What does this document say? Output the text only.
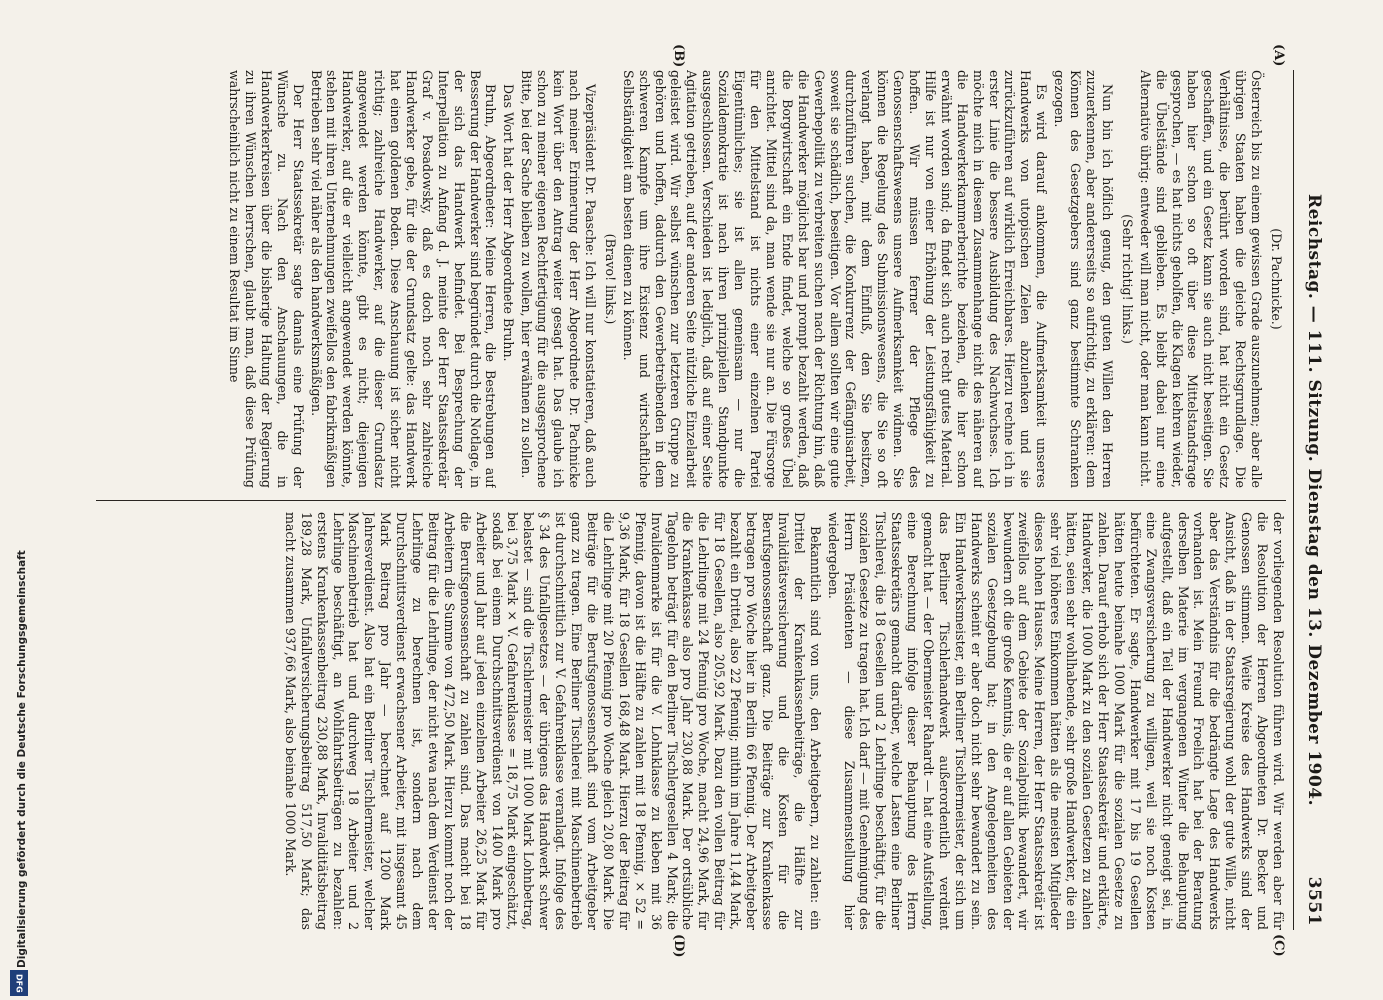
Digitalisierung gefördert durch die Deutsche Forschungsgemeinschaft
DFG
Reichstag. — 111. Sitzung. Dienstag den 13. Dezember 1904.
3551
(A)
(B)
(C)
(D)

(Dr. Pachnicke.)

Österreich bis zu einem gewissen Grade auszunehmen; aber alle übrigen Staaten haben die gleiche Rechtsgrundlage. Die Verhältnisse, die berührt worden sind, hat nicht ein Gesetz geschaffen, und ein Gesetz kann sie auch nicht beseitigen. Sie haben hier schon so oft über diese Mittelstandsfrage gesprochen, — es hat nichts geholfen, die Klagen kehren wieder, die Übelstände sind geblieben. Es bleibt dabei nur eine Alternative übrig: entweder will man nicht, oder man kann nicht.

(Sehr richtig! links.)

Nun bin ich höflich genug, den guten Willen den Herren zuzuerkennen, aber andererseits so aufrichtig, zu erklären: dem Können des Gesetzgebers sind ganz bestimmte Schranken gezogen.

Es wird darauf ankommen, die Aufmerksamkeit unseres Handwerks von utopischen Zielen abzulenken und sie zurückzuführen auf wirklich Erreichbares. Hierzu rechne ich in erster Linie die bessere Ausbildung des Nachwuchses. Ich möchte mich in diesem Zusammenhange nicht des näheren auf die Handwerkerkammerberichte beziehen, die hier schon erwähnt worden sind; da findet sich auch recht gutes Material. Hilfe ist nur von einer Erhöhung der Leistungsfähigkeit zu hoffen. Wir müssen ferner der Pflege des Genossenschaftswesens unsere Aufmerksamkeit widmen. Sie können die Regelung des Submissionswesens, die Sie so oft verlangt haben, mit dem Einfluß, den Sie besitzen, durchzuführen suchen, die Konkurrenz der Gefängnisarbeit, soweit sie schädlich, beseitigen. Vor allem sollten wir eine gute Gewerbepolitik zu verbreiten suchen nach der Richtung hin, daß die Handwerker möglichst bar und prompt bezahlt werden, daß die Borgwirtschaft ein Ende findet, welche so großes Übel anrichtet. Mittel sind da, man wende sie nur an. Die Fürsorge für den Mittelstand ist nichts einer einzelnen Partei Eigentümliches; sie ist allen gemeinsam — nur die Sozialdemokratie ist nach ihren prinzipiellen Standpunkte ausgeschlossen. Verschieden ist lediglich, daß auf einer Seite Agitation getrieben, auf der anderen Seite nützliche Einzelarbeit geleistet wird. Wir selbst wünschen zur letzteren Gruppe zu gehören und hoffen, dadurch den Gewerbetreibenden in dem schweren Kampfe um ihre Existenz und wirtschaftliche Selbständigkeit am besten dienen zu können.

(Bravo! links.)

Vizepräsident Dr. Paasche: Ich will nur konstatieren, daß auch nach meiner Erinnerung der Herr Abgeordnete Dr. Pachnicke kein Wort über den Antrag weiter gesagt hat. Das glaube ich schon zu meiner eigenen Rechtfertigung für die ausgesprochene Bitte, bei der Sache bleiben zu wollen, hier erwähnen zu sollen.

Das Wort hat der Herr Abgeordnete Bruhn.

Bruhn, Abgeordneter: Meine Herren, die Bestrebungen auf Besserung der Handwerker sind begründet durch die Notlage, in der sich das Handwerk befindet. Bei Besprechung der Interpellation zu Anfang d. J. meinte der Herr Staatssekretär Graf v. Posadowsky, daß es doch noch sehr zahlreiche Handwerker gebe, für die der Grundsatz gelte: das Handwerk hat einen goldenen Boden. Diese Anschauung ist sicher nicht richtig; zahlreiche Handwerker, auf die dieser Grundsatz angewendet werden könnte, gibt es nicht; diejenigen Handwerker, auf die er vielleicht angewendet werden könnte, stehen mit ihren Unternehmungen zweifellos den fabrikmäßigen Betrieben sehr viel näher als den handwerksmäßigen.

Der Herr Staatssekretär sagte damals eine Prüfung der Wünsche zu. Nach den Anschauungen, die in Handwerkerkreisen über die bisherige Haltung der Regierung zu ihren Wünschen herrschen, glaubt man, daß diese Prüfung wahrscheinlich nicht zu einem Resultat im Sinne

der vorliegenden Resolution führen wird. Wir werden aber für die Resolution der Herren Abgeordneten Dr. Becker und Genossen stimmen. Weite Kreise des Handwerks sind der Ansicht, daß in der Staatsregierung wohl der gute Wille, nicht aber das Verständnis für die bedrängte Lage des Handwerks vorhanden ist. Mein Freund Froelich hat bei der Beratung derselben Materie im vergangenen Winter die Behauptung aufgestellt, daß ein Teil der Handwerker nicht geneigt sei, in eine Zwangsversicherung zu willigen, weil sie noch Kosten befürchteten. Er sagte, Handwerker mit 17 bis 19 Gesellen hätten heute beinahe 1000 Mark für die sozialen Gesetze zu zahlen. Darauf erhob sich der Herr Staatssekretär und erklärte, Handwerker, die 1000 Mark zu den sozialen Gesetzen zu zahlen hätten, seien sehr wohlhabende, sehr große Handwerker, die ein sehr viel höheres Einkommen hätten als die meisten Mitglieder dieses hohen Hauses. Meine Herren, der Herr Staatssekretär ist zweifellos auf dem Gebiete der Sozialpolitik bewandert, wir bewundern oft die große Kenntnis, die er auf allen Gebieten der sozialen Gesetzgebung hat; in den Angelegenheiten des Handwerks scheint er aber doch nicht sehr bewandert zu sein. Ein Handwerksmeister, ein Berliner Tischlermeister, der sich um das Berliner Tischlerhandwerk außerordentlich verdient gemacht hat — der Obermeister Rahardt — hat eine Aufstellung, eine Berechnung infolge dieser Behauptung des Herrn Staatssekretärs gemacht darüber, welche Lasten eine Berliner Tischlerei, die 18 Gesellen und 2 Lehrlinge beschäftigt, für die sozialen Gesetze zu tragen hat. Ich darf — mit Genehmigung des Herrn Präsidenten — diese Zusammenstellung hier wiedergeben.

Bekanntlich sind von uns, den Arbeitgebern, zu zahlen: ein Drittel der Krankenkassenbeiträge, die Hälfte zur Invaliditätsversicherung und die Kosten für die Berufsgenossenschaft ganz. Die Beiträge zur Krankenkasse betragen pro Woche hier in Berlin 66 Pfennig. Der Arbeitgeber bezahlt ein Drittel, also 22 Pfennig; mithin im Jahre 11,44 Mark, für 18 Gesellen, also 205,92 Mark. Dazu den vollen Beitrag für die Lehrlinge mit 24 Pfennig pro Woche, macht 24,96 Mark, für die Krankenkasse also pro Jahr 230,88 Mark. Der ortsübliche Tagelohn beträgt für den Berliner Tischlergesellen 4 Mark; die Invalidenmarke ist für die V. Lohnklasse zu kleben mit 36 Pfennig, davon ist die Hälfte zu zahlen mit 18 Pfennig, × 52 = 9,36 Mark, für 18 Gesellen 168,48 Mark. Hierzu der Beitrag für die Lehrlinge mit 20 Pfennig pro Woche gleich 20,80 Mark. Die Beiträge für die Berufsgenossenschaft sind vom Arbeitgeber ganz zu tragen. Eine Berliner Tischlerei mit Maschinenbetrieb ist durchschnittlich zur V. Gefahrenklasse veranlagt. Infolge des § 34 des Unfallgesetzes — der übrigens das Handwerk schwer belastet — sind die Tischlermeister mit 1000 Mark Lohnbetrag, bei 3,75 Mark × V. Gefahrenklasse = 18,75 Mark eingeschätzt, sodaß bei einem Durchschnittsverdienst von 1400 Mark pro Arbeiter und Jahr auf jeden einzelnen Arbeiter 26,25 Mark für die Berufsgenossenschaft zu zahlen sind. Das macht bei 18 Arbeitern die Summe von 472,50 Mark. Hierzu kommt noch der Beitrag für die Lehrlinge, der nicht etwa nach dem Verdienst der Lehrlinge zu berechnen ist, sondern nach dem Durchschnittsverdienst erwachsener Arbeiter, mit insgesamt 45 Mark Beitrag pro Jahr — berechnet auf 1200 Mark Jahresverdienst. Also hat ein Berliner Tischlermeister, welcher Maschinenbetrieb hat und durchweg 18 Arbeiter und 2 Lehrlinge beschäftigt, an Wohlfahrtsbeiträgen zu bezahlen: erstens Krankenkassenbeitrag 230,88 Mark, Invaliditätsbeitrag 189,28 Mark, Unfallversicherungsbeitrag 517,50 Mark; das macht zusammen 937,66 Mark, also beinahe 1000 Mark.
